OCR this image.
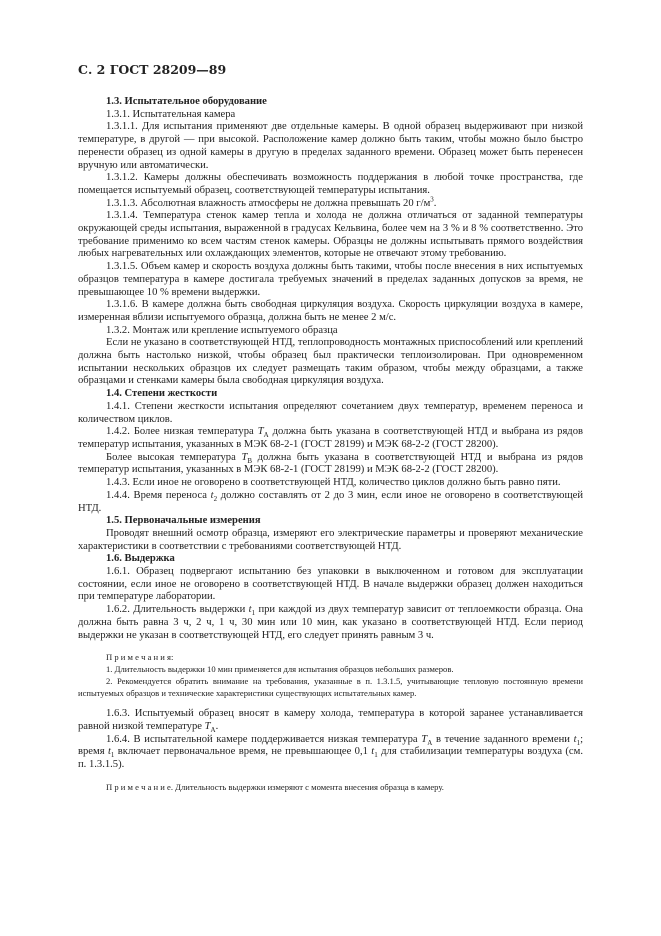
С. 2 ГОСТ 28209—89

1.3. Испытательное оборудование

1.3.1. Испытательная камера

1.3.1.1. Для испытания применяют две отдельные камеры. В одной образец выдерживают при низкой температуре, в другой — при высокой. Расположение камер должно быть таким, чтобы можно было быстро перенести образец из одной камеры в другую в пределах заданного времени. Образец может быть перенесен вручную или автоматически.

1.3.1.2. Камеры должны обеспечивать возможность поддержания в любой точке пространства, где помещается испытуемый образец, соответствующей температуры испытания.

1.3.1.3. Абсолютная влажность атмосферы не должна превышать 20 $г/м^3$.

1.3.1.4. Температура стенок камер тепла и холода не должна отличаться от заданной температуры окружающей среды испытания, выраженной в градусах Кельвина, более чем на 3 % и 8 % соответственно. Это требование применимо ко всем частям стенок камеры. Образцы не должны испытывать прямого воздействия любых нагревательных или охлаждающих элементов, которые не отвечают этому требованию.

1.3.1.5. Объем камер и скорость воздуха должны быть такими, чтобы после внесения в них испытуемых образцов температура в камере достигала требуемых значений в пределах заданных допусков за время, не превышающее 10 % времени выдержки.

1.3.1.6. В камере должна быть свободная циркуляция воздуха. Скорость циркуляции воздуха в камере, измеренная вблизи испытуемого образца, должна быть не менее 2 м/с.

1.3.2. Монтаж или крепление испытуемого образца

Если не указано в соответствующей НТД, теплопроводность монтажных приспособлений или креплений должна быть настолько низкой, чтобы образец был практически теплоизолирован. При одновременном испытании нескольких образцов их следует размещать таким образом, чтобы между образцами, а также образцами и стенками камеры была свободная циркуляция воздуха.

1.4. Степени жесткости

1.4.1. Степени жесткости испытания определяют сочетанием двух температур, временем переноса и количеством циклов.

1.4.2. Более низкая температура $T_A$ должна быть указана в соответствующей НТД и выбрана из рядов температур испытания, указанных в МЭК 68-2-1 (ГОСТ 28199) и МЭК 68-2-2 (ГОСТ 28200).

Более высокая температура $T_B$ должна быть указана в соответствующей НТД и выбрана из рядов температур испытания, указанных в МЭК 68-2-1 (ГОСТ 28199) и МЭК 68-2-2 (ГОСТ 28200).

1.4.3. Если иное не оговорено в соответствующей НТД, количество циклов должно быть равно пяти.

1.4.4. Время переноса $t_2$ должно составлять от 2 до 3 мин, если иное не оговорено в соответствующей НТД.

1.5. Первоначальные измерения

Проводят внешний осмотр образца, измеряют его электрические параметры и проверяют механические характеристики в соответствии с требованиями соответствующей НТД.

1.6. Выдержка

1.6.1. Образец подвергают испытанию без упаковки в выключенном и готовом для эксплуатации состоянии, если иное не оговорено в соответствующей НТД. В начале выдержки образец должен находиться при температуре лаборатории.

1.6.2. Длительность выдержки $t_1$ при каждой из двух температур зависит от теплоемкости образца. Она должна быть равна 3 ч, 2 ч, 1 ч, 30 мин или 10 мин, как указано в соответствующей НТД. Если период выдержки не указан в соответствующей НТД, его следует принять равным 3 ч.

П р и м е ч а н и я:

1. Длительность выдержки 10 мин применяется для испытания образцов небольших размеров.

2. Рекомендуется обратить внимание на требования, указанные в п. 1.3.1.5, учитывающие тепловую постоянную времени испытуемых образцов и технические характеристики существующих испытательных камер.

1.6.3. Испытуемый образец вносят в камеру холода, температура в которой заранее устанавливается равной низкой температуре $T_A$.

1.6.4. В испытательной камере поддерживается низкая температура $T_A$ в течение заданного времени $t_1$; время $t_1$ включает первоначальное время, не превышающее 0,1 $t_1$ для стабилизации температуры воздуха (см. п. 1.3.1.5).

П р и м е ч а н и е. Длительность выдержки измеряют с момента внесения образца в камеру.
